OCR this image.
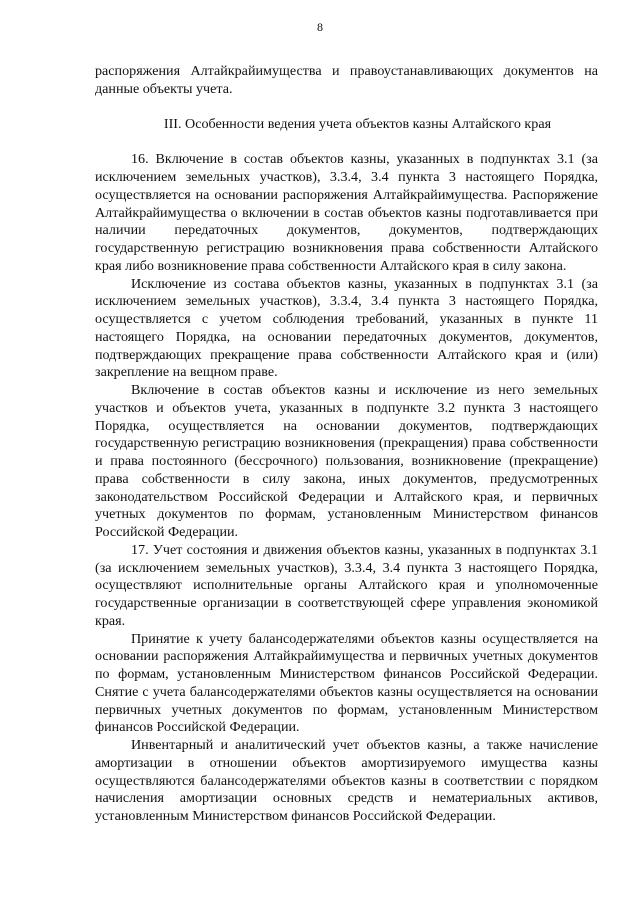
8

распоряжения Алтайкрайимущества и правоустанавливающих документов на данные объекты учета.

III. Особенности ведения учета объектов казны Алтайского края

16. Включение в состав объектов казны, указанных в подпунктах 3.1 (за исключением земельных участков), 3.3.4, 3.4 пункта 3 настоящего Порядка, осуществляется на основании распоряжения Алтайкрайимущества. Распоряжение Алтайкрайимущества о включении в состав объектов казны подготавливается при наличии передаточных документов, документов, подтверждающих государственную регистрацию возникновения права собственности Алтайского края либо возникновение права собственности Алтайского края в силу закона.

Исключение из состава объектов казны, указанных в подпунктах 3.1 (за исключением земельных участков), 3.3.4, 3.4 пункта 3 настоящего Порядка, осуществляется с учетом соблюдения требований, указанных в пункте 11 настоящего Порядка, на основании передаточных документов, документов, подтверждающих прекращение права собственности Алтайского края и (или) закрепление на вещном праве.

Включение в состав объектов казны и исключение из него земельных участков и объектов учета, указанных в подпункте 3.2 пункта 3 настоящего Порядка, осуществляется на основании документов, подтверждающих государственную регистрацию возникновения (прекращения) права собственности и права постоянного (бессрочного) пользования, возникновение (прекращение) права собственности в силу закона, иных документов, предусмотренных законодательством Российской Федерации и Алтайского края, и первичных учетных документов по формам, установленным Министерством финансов Российской Федерации.

17. Учет состояния и движения объектов казны, указанных в подпунктах 3.1 (за исключением земельных участков), 3.3.4, 3.4 пункта 3 настоящего Порядка, осуществляют исполнительные органы Алтайского края и уполномоченные государственные организации в соответствующей сфере управления экономикой края.

Принятие к учету балансодержателями объектов казны осуществляется на основании распоряжения Алтайкрайимущества и первичных учетных документов по формам, установленным Министерством финансов Российской Федерации. Снятие с учета балансодержателями объектов казны осуществляется на основании первичных учетных документов по формам, установленным Министерством финансов Российской Федерации.

Инвентарный и аналитический учет объектов казны, а также начисление амортизации в отношении объектов амортизируемого имущества казны осуществляются балансодержателями объектов казны в соответствии с порядком начисления амортизации основных средств и нематериальных активов, установленным Министерством финансов Российской Федерации.
